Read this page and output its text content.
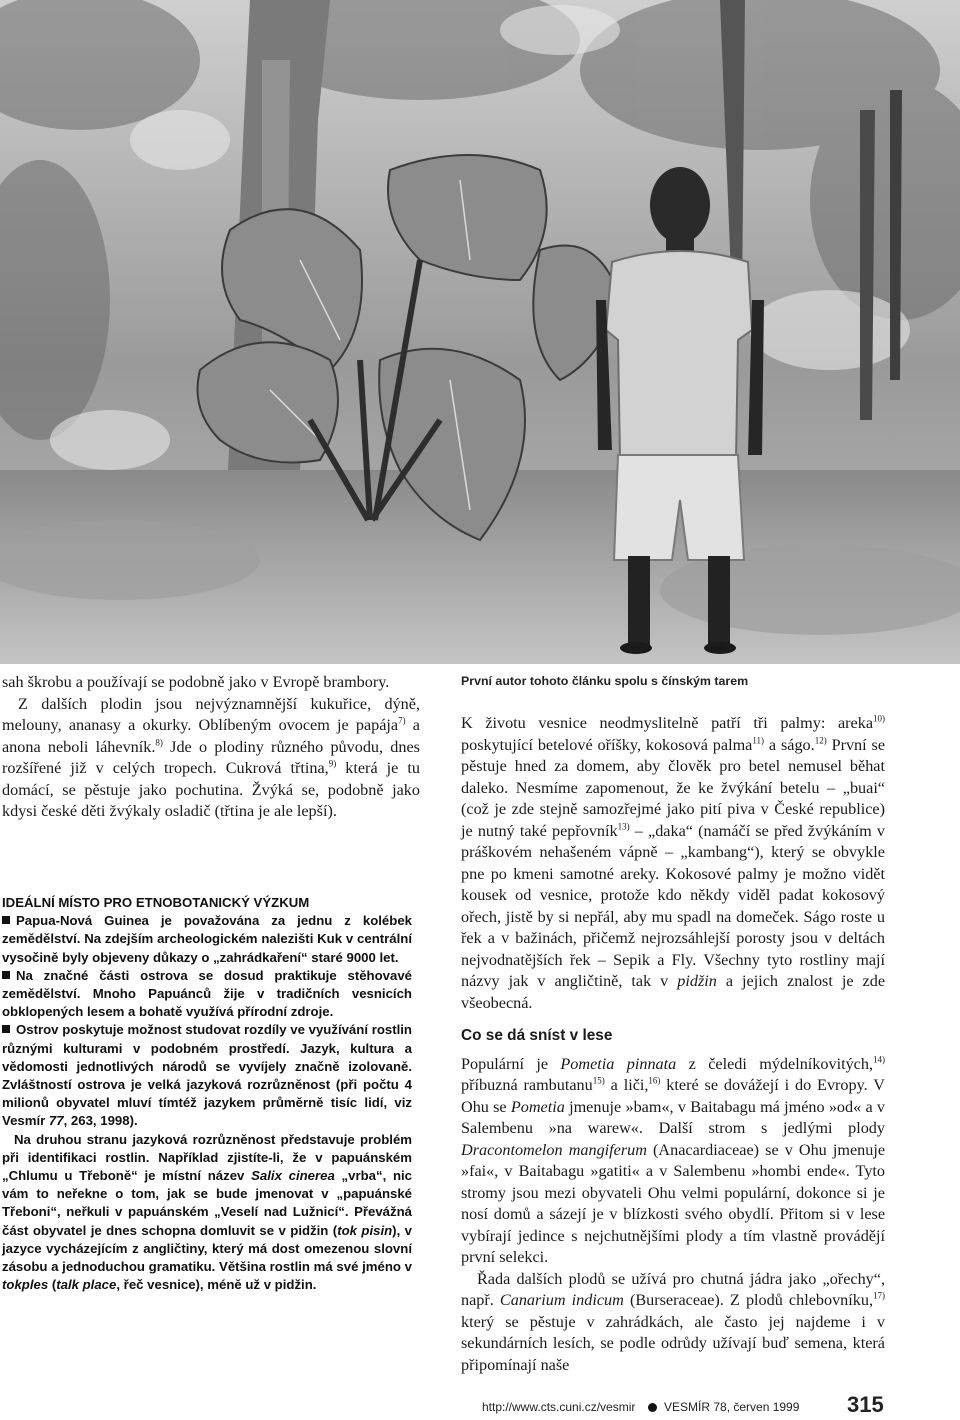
sah škrobu a používají se podobně jako v Evropě brambory.

Z dalších plodin jsou nejvýznamnější kukuřice, dýně, melouny, ananasy a okurky. Oblíbeným ovocem je papája$^{7)}$ a anona neboli láhevník.$^{8)}$ Jde o plodiny různého původu, dnes rozšířené již v celých tropech. Cukrová třtina,$^{9)}$ která je tu domácí, se pěstuje jako pochutina. Žvýká se, podobně jako kdysi české děti žvýkaly osladič (třtina je ale lepší).

IDEÁLNÍ MÍSTO PRO ETNOBOTANICKÝ VÝZKUM

Papua-Nová Guinea je považována za jednu z kolébek zemědělství. Na zdejším archeologickém nalezišti Kuk v centrální vysočině byly objeveny důkazy o „zahrádkaření“ staré 9000 let.

Na značné části ostrova se dosud praktikuje stěhovavé zemědělství. Mnoho Papuánců žije v tradičních vesnicích obklopených lesem a bohatě využívá přírodní zdroje.

Ostrov poskytuje možnost studovat rozdíly ve využívání rostlin různými kulturami v podobném prostředí. Jazyk, kultura a vědomosti jednotlivých národů se vyvíjely značně izolovaně. Zvláštností ostrova je velká jazyková rozrůzněnost (při počtu 4 milionů obyvatel mluví tímtéž jazykem průměrně tisíc lidí, viz Vesmír 77, 263, 1998).

Na druhou stranu jazyková rozrůzněnost představuje problém při identifikaci rostlin. Například zjistíte-li, že v papuánském „Chlumu u Třeboně“ je místní název Salix cinerea „vrba“, nic vám to neřekne o tom, jak se bude jmenovat v „papuánské Třeboni“, neřkuli v papuánském „Veselí nad Lužnicí“. Převážná část obyvatel je dnes schopna domluvit se v pidžin (tok pisin), v jazyce vycházejícím z angličtiny, který má dost omezenou slovní zásobu a jednoduchou gramatiku. Většina rostlin má své jméno v tokples (talk place, řeč vesnice), méně už v pidžin.

První autor tohoto článku spolu s čínským tarem

K životu vesnice neodmyslitelně patří tři palmy: areka$^{10)}$ poskytující betelové oříšky, kokosová palma$^{11)}$ a ságo.$^{12)}$ První se pěstuje hned za domem, aby člověk pro betel nemusel běhat daleko. Nesmíme zapomenout, že ke žvýkání betelu – „buai“ (což je zde stejně samozřejmé jako pití piva v České republice) je nutný také pepřovník$^{13)}$ – „daka“ (namáčí se před žvýkáním v práškovém nehašeném vápně – „kambang“), který se obvykle pne po kmeni samotné areky. Kokosové palmy je možno vidět kousek od vesnice, protože kdo někdy viděl padat kokosový ořech, jistě by si nepřál, aby mu spadl na domeček. Ságo roste u řek a v bažinách, přičemž nejrozsáhlejší porosty jsou v deltách nejvodnatějších řek – Sepik a Fly. Všechny tyto rostliny mají názvy jak v angličtině, tak v pidžin a jejich znalost je zde všeobecná.

Co se dá sníst v lese

Populární je Pometia pinnata z čeledi mýdelníkovitých,$^{14)}$ příbuzná rambutanu$^{15)}$ a liči,$^{16)}$ které se dovážejí i do Evropy. V Ohu se Pometia jmenuje »bam«, v Baitabagu má jméno »od« a v Salembenu »na warew«. Další strom s jedlými plody Dracontomelon mangiferum (Anacardiaceae) se v Ohu jmenuje »fai«, v Baitabagu »gatiti« a v Salembenu »hombi ende«. Tyto stromy jsou mezi obyvateli Ohu velmi populární, dokonce si je nosí domů a sázejí je v blízkosti svého obydlí. Přitom si v lese vybírají jedince s nejchutnějšími plody a tím vlastně provádějí první selekci.

Řada dalších plodů se užívá pro chutná jádra jako „ořechy“, např. Canarium indicum (Burseraceae). Z plodů chlebovníku,$^{17)}$ který se pěstuje v zahrádkách, ale často jej najdeme i v sekundárních lesích, se podle odrůdy užívají buď semena, která připomínají naše

http://www.cts.cuni.cz/vesmir VESMÍR 78, červen 1999 315
